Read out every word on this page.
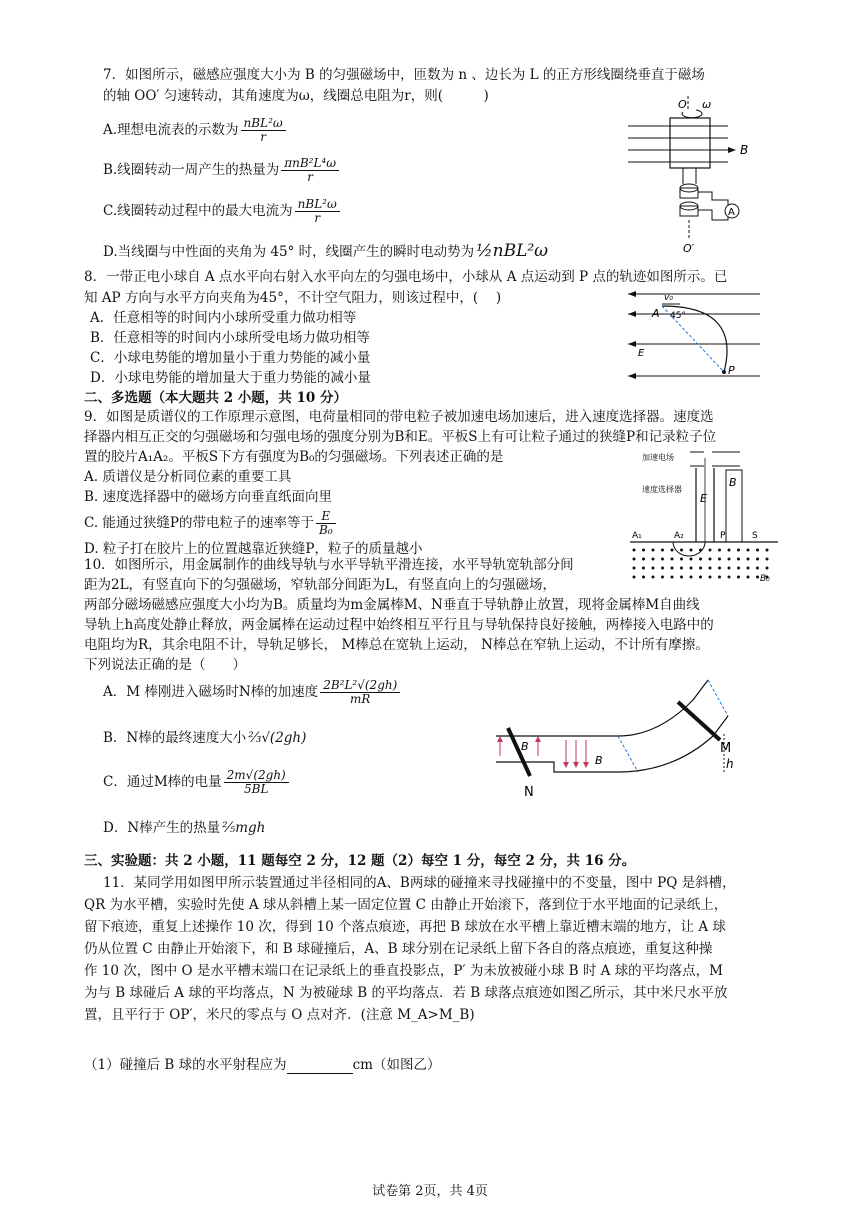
7．如图所示，磁感应强度大小为 B 的匀强磁场中，匝数为 n 、边长为 L 的正方形线圈绕垂直于磁场
的轴 OO′ 匀速转动，其角速度为ω，线圈总电阻为r，则(　　　)
A.理想电流表的示数为 nBL²ω
r
B.线圈转动一周产生的热量为 πnB²L⁴ω
r
C.线圈转动过程中的最大电流为 nBL²ω
r
D.当线圈与中性面的夹角为 45° 时，线圈产生的瞬时电动势为 ½nBL²ω
O ω
B
A
O′
8．一带正电小球自 A 点水平向右射入水平向左的匀强电场中，小球从 A 点运动到 P 点的轨迹如图所示。已
知 AP 方向与水平方向夹角为45°，不计空气阻力，则该过程中，(　 )
A．任意相等的时间内小球所受重力做功相等
B．任意相等的时间内小球所受电场力做功相等
C．小球电势能的增加量小于重力势能的减小量
D．小球电势能的增加量大于重力势能的减小量
v₀
A 45°
P
E
二、多选题（本大题共 2 小题，共 10 分）
9．如图是质谱仪的工作原理示意图，电荷量相同的带电粒子被加速电场加速后，进入速度选择器。速度选
择器内相互正交的匀强磁场和匀强电场的强度分别为B和E。平板S上有可让粒子通过的狭缝P和记录粒子位
置的胶片A₁A₂。平板S下方有强度为B₀的匀强磁场。下列表述正确的是
A. 质谱仪是分析同位素的重要工具
B. 速度选择器中的磁场方向垂直纸面向里
C. 能通过狭缝P的带电粒子的速率等于 $\frac{E}{\text{B₀}}$
D. 粒子打在胶片上的位置越靠近狭缝P，粒子的质量越小
加速电场
速度选择器
E
B
A₁	A₂	P	S
B₀
10．如图所示，用金属制作的曲线导轨与水平导轨平滑连接，水平导轨宽轨部分间
距为2L，有竖直向下的匀强磁场，窄轨部分间距为L，有竖直向上的匀强磁场，
两部分磁场磁感应强度大小均为B。质量均为m金属棒M、N垂直于导轨静止放置，现将金属棒M自曲线
导轨上h高度处静止释放，两金属棒在运动过程中始终相互平行且与导轨保持良好接触，两棒接入电路中的
电阻均为R，其余电阻不计，导轨足够长， M棒总在宽轨上运动， N棒总在窄轨上运动，不计所有摩擦。
下列说法正确的是（　　）
A．M 棒刚进入磁场时N棒的加速度 $\frac{\text{2B²L²√(2gh)}}{mR}$
B．N棒的最终速度大小 ⅔√(2gh)
C．通过M棒的电量 $\frac{2m√(2gh)}{5BL}$
D．N棒产生的热量 ⅖mgh
N
M
h
B
B
三、实验题：共 2 小题，11 题每空 2 分，12 题（2）每空 1 分，每空 2 分，共 16 分。
11．某同学用如图甲所示装置通过半径相同的A、B两球的碰撞来寻找碰撞中的不变量，图中 PQ 是斜槽，
QR 为水平槽，实验时先使 A 球从斜槽上某一固定位置 C 由静止开始滚下，落到位于水平地面的记录纸上，
留下痕迹，重复上述操作 10 次，得到 10 个落点痕迹，再把 B 球放在水平槽上靠近槽末端的地方，让 A 球
仍从位置 C 由静止开始滚下，和 B 球碰撞后，A、B 球分别在记录纸上留下各自的落点痕迹，重复这种操
作 10 次，图中 O 是水平槽末端口在记录纸上的垂直投影点，P′ 为未放被碰小球 B 时 A 球的平均落点，M
为与 B 球碰后 A 球的平均落点，N 为被碰球 B 的平均落点．若 B 球落点痕迹如图乙所示，其中米尺水平放
置，且平行于 OP′，米尺的零点与 O 点对齐．(注意 M_A>M_B)
（1）碰撞后 B 球的水平射程应为	cm（如图乙）
试卷第 2页，共 4页
